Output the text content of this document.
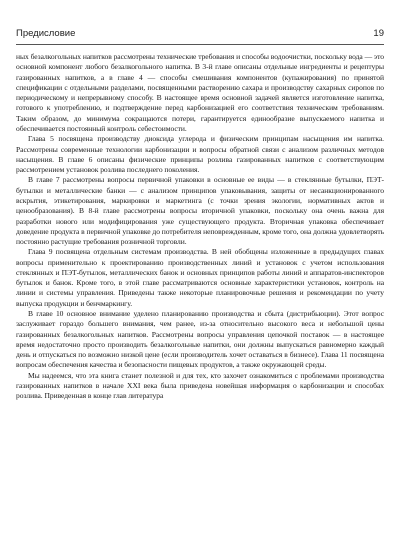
Предисловие	19

ных безалкогольных напитков рассмотрены технические требования и способы водоочистки, поскольку вода — это основной компонент любого безалкогольного напитка. В 3-й главе описаны отдельные ингредиенты и рецептуры газированных напитков, а в главе 4 — способы смешивания компонентов (купажирования) по принятой спецификации с отдельными разделами, посвященными растворению сахара и производству сахарных сиропов по периодическому и непрерывному способу. В настоящее время основной задачей является изготовление напитка, готового к употреблению, и подтверждение перед карбонизацией его соответствия техническим требованиям. Таким образом, до минимума сокращаются потери, гарантируется единообразие выпускаемого напитка и обеспечивается постоянный контроль себестоимости.

Глава 5 посвящена производству диоксида углерода и физическим принципам насыщения им напитка. Рассмотрены современные технологии карбонизации и вопросы обратной связи с анализом различных методов насыщения. В главе 6 описаны физические принципы розлива газированных напитков с соответствующим рассмотрением установок розлива последнего поколения.

В главе 7 рассмотрены вопросы первичной упаковки в основные ее виды — в стеклянные бутылки, ПЭТ-бутылки и металлические банки — с анализом принципов упаковывания, защиты от несанкционированного вскрытия, этикетирования, маркировки и маркетинга (с точки зрения экологии, нормативных актов и ценообразования). В 8-й главе рассмотрены вопросы вторичной упаковки, поскольку она очень важна для разработки нового или модифицирования уже существующего продукта. Вторичная упаковка обеспечивает доведение продукта в первичной упаковке до потребителя неповрежденным, кроме того, она должна удовлетворять постоянно растущие требования розничной торговли.

Глава 9 посвящена отдельным системам производства. В ней обобщены изложенные в предыдущих главах вопросы применительно к проектированию производственных линий и установок с учетом использования стеклянных и ПЭТ-бутылок, металлических банок и основных принципов работы линий и аппаратов-инспекторов бутылок и банок. Кроме того, в этой главе рассматриваются основные характеристики установок, контроль на линии и системы управления. Приведены также некоторые планировочные решения и рекомендации по учету выпуска продукции и бенчмаркингу.

В главе 10 основное внимание уделено планированию производства и сбыта (дистрибьюции). Этот вопрос заслуживает гораздо большего внимания, чем ранее, из-за относительно высокого веса и небольшой цены газированных безалкогольных напитков. Рассмотрены вопросы управления цепочкой поставок — в настоящее время недостаточно просто производить безалкогольные напитки, они должны выпускаться равномерно каждый день и отпускаться по возможно низкой цене (если производитель хочет оставаться в бизнесе). Глава 11 посвящена вопросам обеспечения качества и безопасности пищевых продуктов, а также окружающей среды.

Мы надеемся, что эта книга станет полезной и для тех, кто захочет ознакомиться с проблемами производства газированных напитков в начале XXI века была приведена новейшая информация о карбонизации и способах розлива. Приведенная в конце глав литература
